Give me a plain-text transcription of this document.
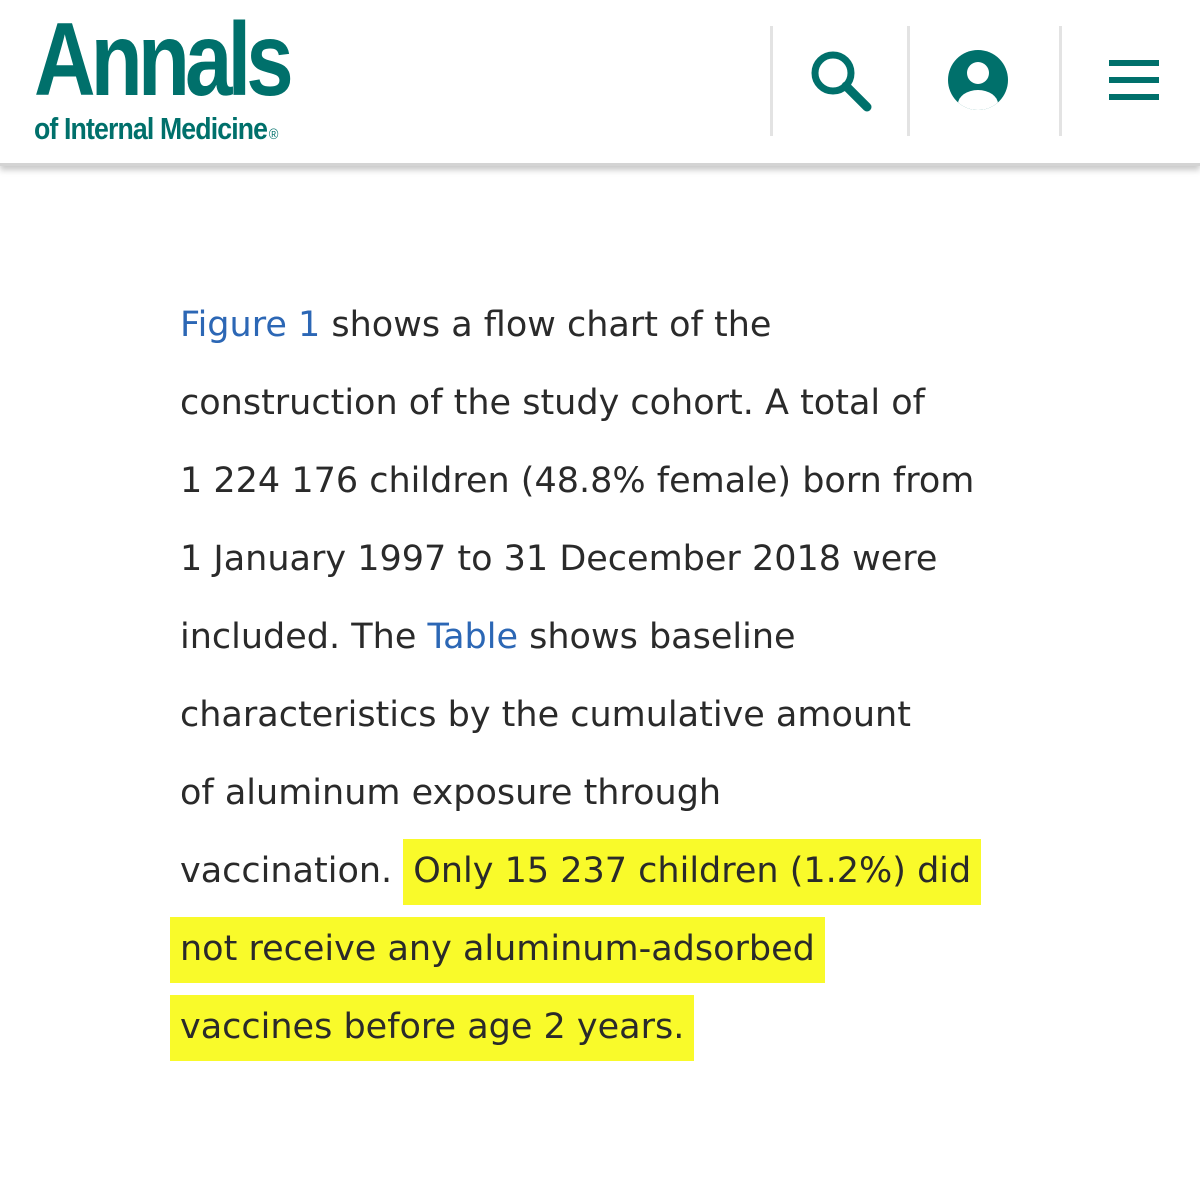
Annals
of Internal Medicine ®
Figure 1 shows a flow chart of the
construction of the study cohort. A total of
1 224 176 children (48.8% female) born from
1 January 1997 to 31 December 2018 were
included. The Table shows baseline
characteristics by the cumulative amount
of aluminum exposure through
vaccination. Only 15 237 children (1.2%) did
not receive any aluminum-adsorbed
vaccines before age 2 years.
